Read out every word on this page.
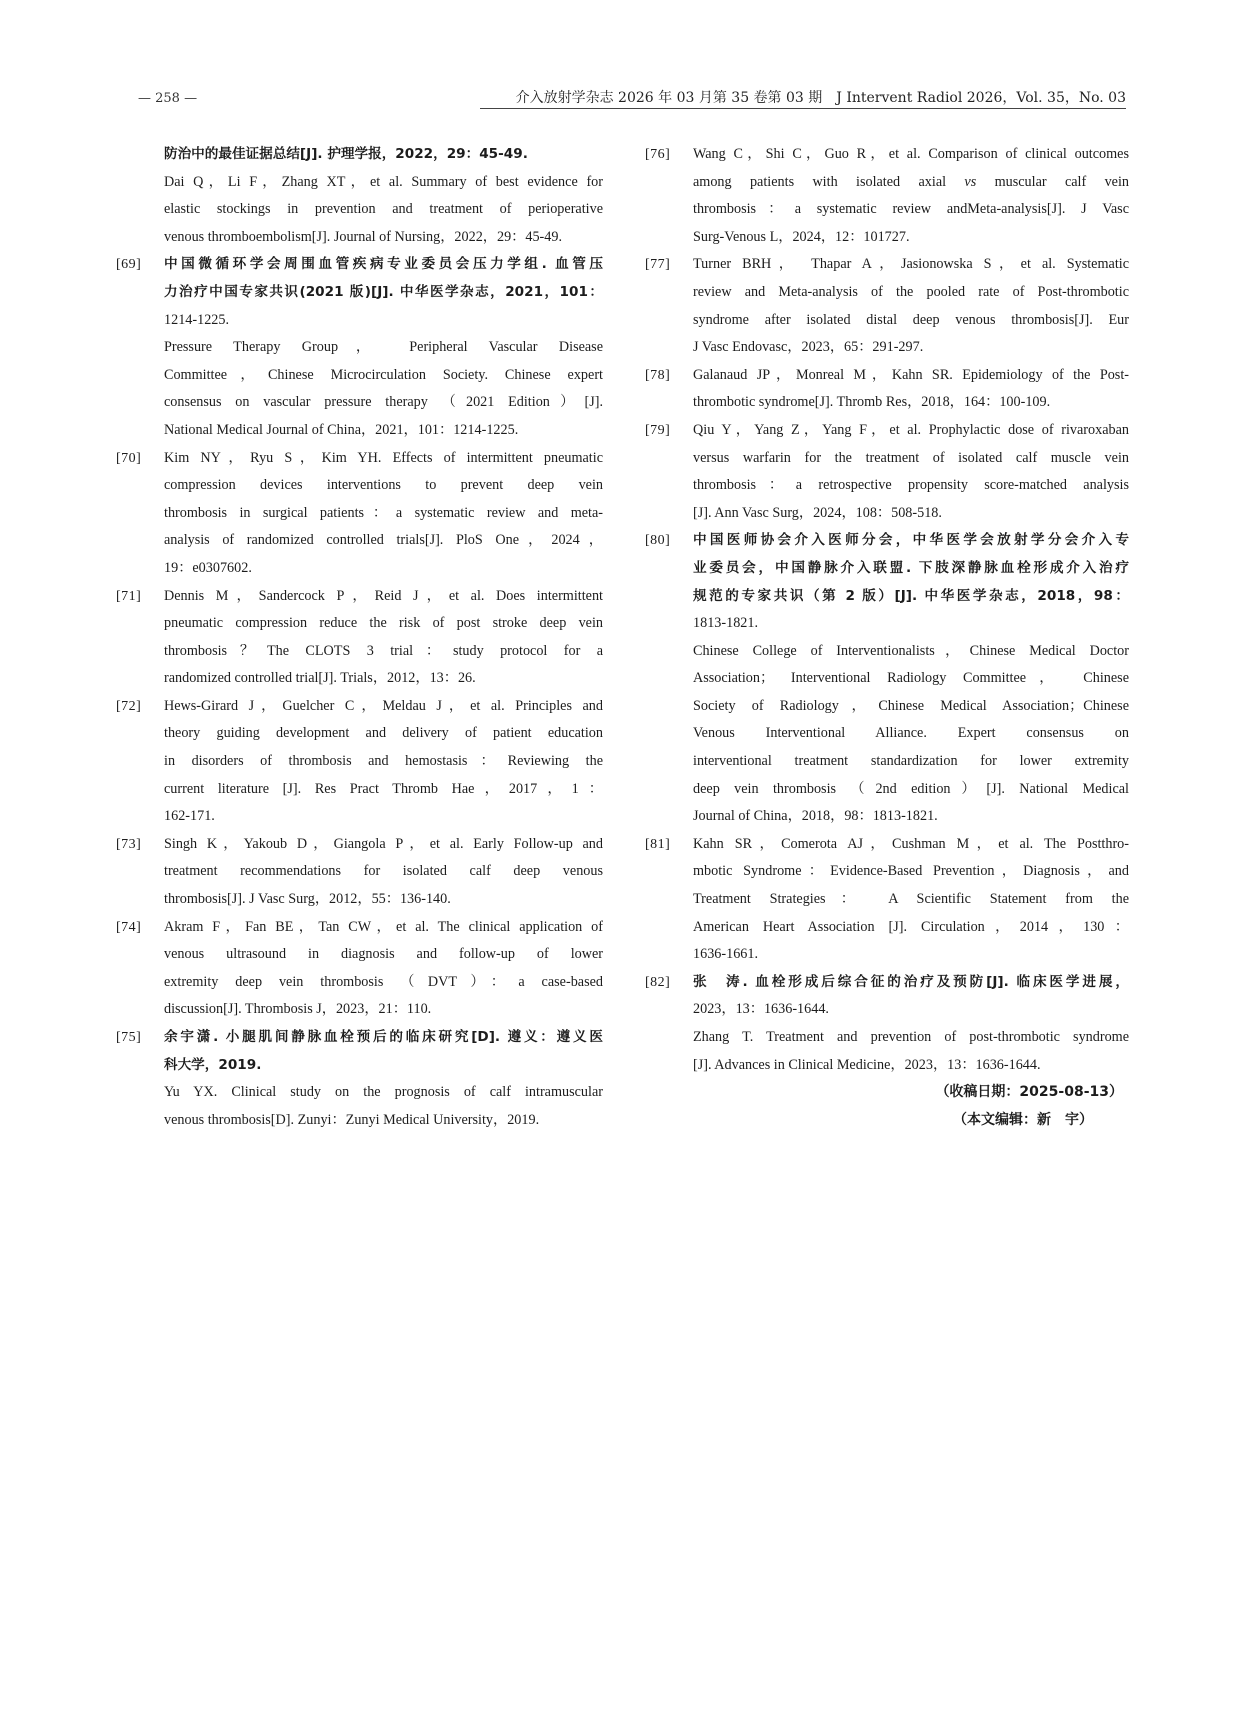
— 258 —	介入放射学杂志 2026 年 03 月第 35 卷第 03 期　J Intervent Radiol 2026，Vol. 35，No. 03
防治中的最佳证据总结[J]. 护理学报，2022，29：45-49.
Dai Q，Li F，Zhang XT，et al. Summary of best evidence for
elastic stockings in prevention and treatment of perioperative
venous thromboembolism[J]. Journal of Nursing，2022，29：45-49.
[69]	中国微循环学会周围血管疾病专业委员会压力学组. 血管压
力治疗中国专家共识(2021 版)[J]. 中华医学杂志，2021，101：
1214-1225.
Pressure Therapy Group， Peripheral Vascular Disease
Committee，Chinese Microcirculation Society. Chinese expert
consensus on vascular pressure therapy （2021 Edition）[J].
National Medical Journal of China，2021，101：1214-1225.
[70]	Kim NY，Ryu S，Kim YH. Effects of intermittent pneumatic
compression devices interventions to prevent deep vein
thrombosis in surgical patients：a systematic review and meta-
analysis of randomized controlled trials[J]. PloS One，2024，
19：e0307602.
[71]	Dennis M，Sandercock P，Reid J，et al. Does intermittent
pneumatic compression reduce the risk of post stroke deep vein
thrombosis？The CLOTS 3 trial：study protocol for a
randomized controlled trial[J]. Trials，2012，13：26.
[72]	Hews-Girard J，Guelcher C，Meldau J，et al. Principles and
theory guiding development and delivery of patient education
in disorders of thrombosis and hemostasis：Reviewing the
current literature [J]. Res Pract Thromb Hae，2017，1：
162-171.
[73]	Singh K，Yakoub D，Giangola P，et al. Early Follow-up and
treatment recommendations for isolated calf deep venous
thrombosis[J]. J Vasc Surg，2012，55：136-140.
[74]	Akram F，Fan BE，Tan CW，et al. The clinical application of
venous ultrasound in diagnosis and follow-up of lower
extremity deep vein thrombosis （DVT）：a case-based
discussion[J]. Thrombosis J，2023，21：110.
[75]	余宇潇. 小腿肌间静脉血栓预后的临床研究[D]. 遵义：遵义医
科大学，2019.
Yu YX. Clinical study on the prognosis of calf intramuscular
venous thrombosis[D]. Zunyi：Zunyi Medical University，2019.
[76]	Wang C，Shi C，Guo R，et al. Comparison of clinical outcomes
among patients with isolated axial vs muscular calf vein
thrombosis：a systematic review andMeta-analysis[J]. J Vasc
Surg-Venous L，2024，12：101727.
[77]	Turner BRH， Thapar A，Jasionowska S，et al. Systematic
review and Meta-analysis of the pooled rate of Post-thrombotic
syndrome after isolated distal deep venous thrombosis[J]. Eur
J Vasc Endovasc，2023，65：291-297.
[78]	Galanaud JP，Monreal M，Kahn SR. Epidemiology of the Post-
thrombotic syndrome[J]. Thromb Res，2018，164：100-109.
[79]	Qiu Y，Yang Z，Yang F，et al. Prophylactic dose of rivaroxaban
versus warfarin for the treatment of isolated calf muscle vein
thrombosis：a retrospective propensity score-matched analysis
[J]. Ann Vasc Surg，2024，108：508-518.
[80]	中国医师协会介入医师分会，中华医学会放射学分会介入专
业委员会，中国静脉介入联盟. 下肢深静脉血栓形成介入治疗
规范的专家共识（第 2 版）[J]. 中华医学杂志，2018，98：
1813-1821.
Chinese College of Interventionalists，Chinese Medical Doctor
Association； Interventional Radiology Committee， Chinese
Society of Radiology，Chinese Medical Association；Chinese
Venous Interventional Alliance. Expert consensus on
interventional treatment standardization for lower extremity
deep vein thrombosis （2nd edition）[J]. National Medical
Journal of China，2018，98：1813-1821.
[81]	Kahn SR，Comerota AJ，Cushman M，et al. The Postthro-
mbotic Syndrome：Evidence-Based Prevention，Diagnosis，and
Treatment Strategies： A Scientific Statement from the
American Heart Association [J]. Circulation，2014，130：
1636-1661.
[82]	张　涛. 血栓形成后综合征的治疗及预防[J]. 临床医学进展，
2023，13：1636-1644.
Zhang T. Treatment and prevention of post-thrombotic syndrome
[J]. Advances in Clinical Medicine，2023，13：1636-1644.
（收稿日期：2025-08-13）
（本文编辑：新　宇）
